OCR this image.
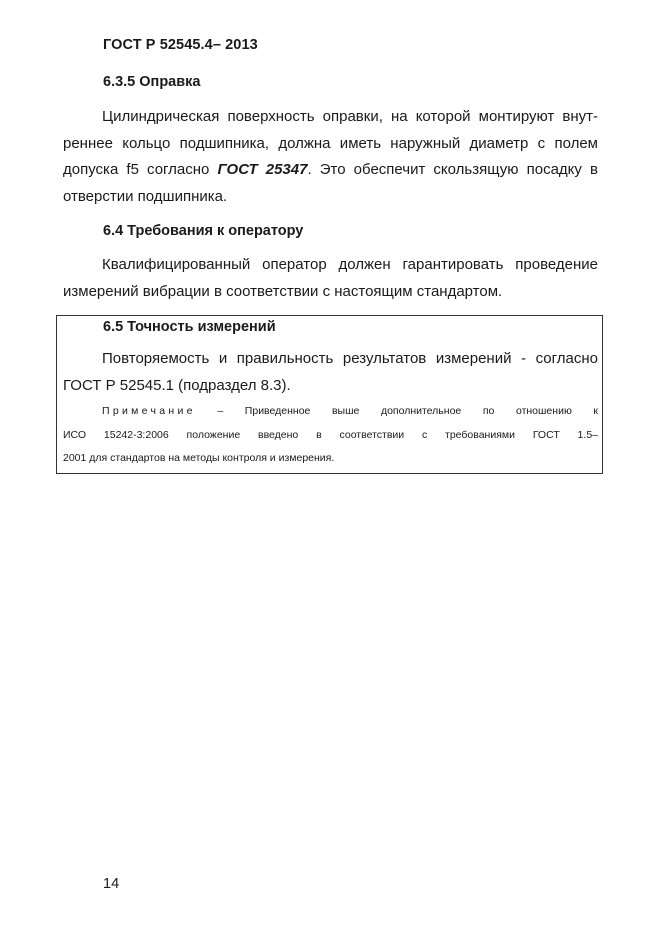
ГОСТ Р 52545.4– 2013
6.3.5 Оправка
Цилиндрическая поверхность оправки, на которой монтируют внут-
реннее кольцо подшипника, должна иметь наружный диаметр с полем
допуска f5 согласно ГОСТ 25347. Это обеспечит скользящую посадку в
отверстии подшипника.
6.4 Требования к оператору
Квалифицированный оператор должен гарантировать проведение
измерений вибрации в соответствии с настоящим стандартом.
6.5 Точность измерений
Повторяемость и правильность результатов измерений - согласно
ГОСТ Р 52545.1 (подраздел 8.3).
Примечание – Приведенное выше дополнительное по отношению к
ИСО 15242-3:2006 положение введено в соответствии с требованиями ГОСТ 1.5–
2001 для стандартов на методы контроля и измерения.
14
